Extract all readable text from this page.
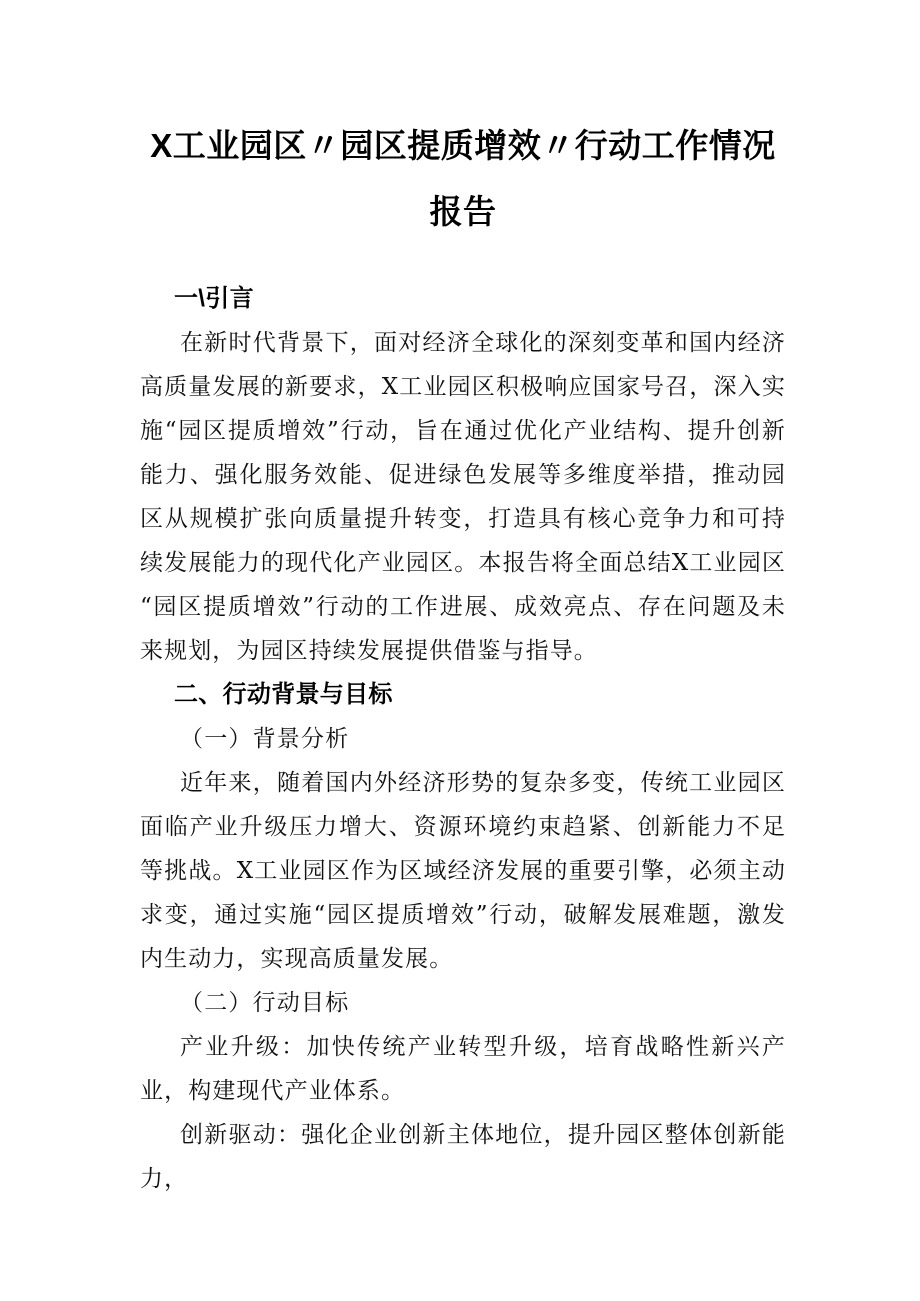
X工业园区〃园区提质增效〃行动工作情况报告
一\引言

在新时代背景下，面对经济全球化的深刻变革和国内经济高质量发展的新要求，X工业园区积极响应国家号召，深入实施“园区提质增效”行动，旨在通过优化产业结构、提升创新能力、强化服务效能、促进绿色发展等多维度举措，推动园区从规模扩张向质量提升转变，打造具有核心竞争力和可持续发展能力的现代化产业园区。本报告将全面总结X工业园区“园区提质增效”行动的工作进展、成效亮点、存在问题及未来规划，为园区持续发展提供借鉴与指导。

二、行动背景与目标
（一）背景分析

近年来，随着国内外经济形势的复杂多变，传统工业园区面临产业升级压力增大、资源环境约束趋紧、创新能力不足等挑战。X工业园区作为区域经济发展的重要引擎，必须主动求变，通过实施“园区提质增效”行动，破解发展难题，激发内生动力，实现高质量发展。

（二）行动目标

产业升级：加快传统产业转型升级，培育战略性新兴产业，构建现代产业体系。

创新驱动：强化企业创新主体地位，提升园区整体创新能力，
